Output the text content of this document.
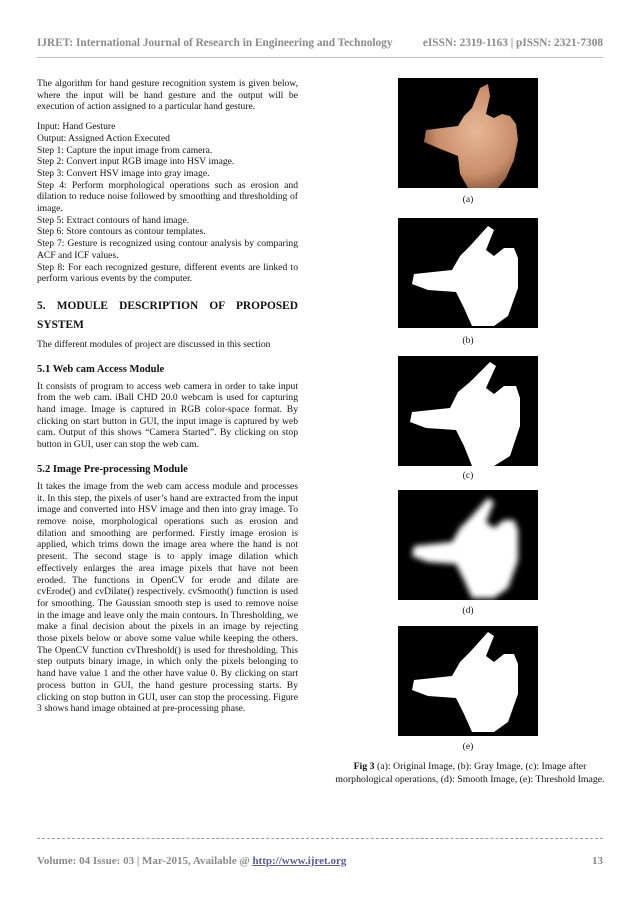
IJRET: International Journal of Research in Engineering and Technology	eISSN: 2319-1163 | pISSN: 2321-7308

The algorithm for hand gesture recognition system is given below, where the input will be hand gesture and the output will be execution of action assigned to a particular hand gesture.

Input: Hand Gesture

Output: Assigned Action Executed

Step 1: Capture the input image from camera.

Step 2: Convert input RGB image into HSV image.

Step 3: Convert HSV image into gray image.

Step 4: Perform morphological operations such as erosion and dilation to reduce noise followed by smoothing and thresholding of image.

Step 5: Extract contours of hand image.

Step 6: Store contours as contour templates.

Step 7: Gesture is recognized using contour analysis by comparing ACF and ICF values.

Step 8: For each recognized gesture, different events are linked to perform various events by the computer.

5. MODULE DESCRIPTION OF PROPOSED SYSTEM

The different modules of project are discussed in this section

5.1 Web cam Access Module

It consists of program to access web camera in order to take input from the web cam. iBall CHD 20.0 webcam is used for capturing hand image. Image is captured in RGB color-space format. By clicking on start button in GUI, the input image is captured by web cam. Output of this shows “Camera Started”. By clicking on stop button in GUI, user can stop the web cam.

5.2 Image Pre-processing Module

It takes the image from the web cam access module and processes it. In this step, the pixels of user’s hand are extracted from the input image and converted into HSV image and then into gray image. To remove noise, morphological operations such as erosion and dilation and smoothing are performed. Firstly image erosion is applied, which trims down the image area where the hand is not present. The second stage is to apply image dilation which effectively enlarges the area image pixels that have not been eroded. The functions in OpenCV for erode and dilate are cvErode() and cvDilate() respectively. cvSmooth() function is used for smoothing. The Gaussian smooth step is used to remove noise in the image and leave only the main contours. In Thresholding, we make a final decision about the pixels in an image by rejecting those pixels below or above some value while keeping the others. The OpenCV function cvThreshold() is used for thresholding. This step outputs binary image, in which only the pixels belonging to hand have value 1 and the other have value 0. By clicking on start process button in GUI, the hand gesture processing starts. By clicking on stop button in GUI, user can stop the processing. Figure 3 shows hand image obtained at pre-processing phase.

(a)
(b)
(c)
(d)
(e)
Fig 3 (a): Original Image, (b): Gray Image, (c): Image after morphological operations, (d): Smooth Image, (e): Threshold Image.
Volume: 04 Issue: 03 | Mar-2015, Available @ http://www.ijret.org	13
